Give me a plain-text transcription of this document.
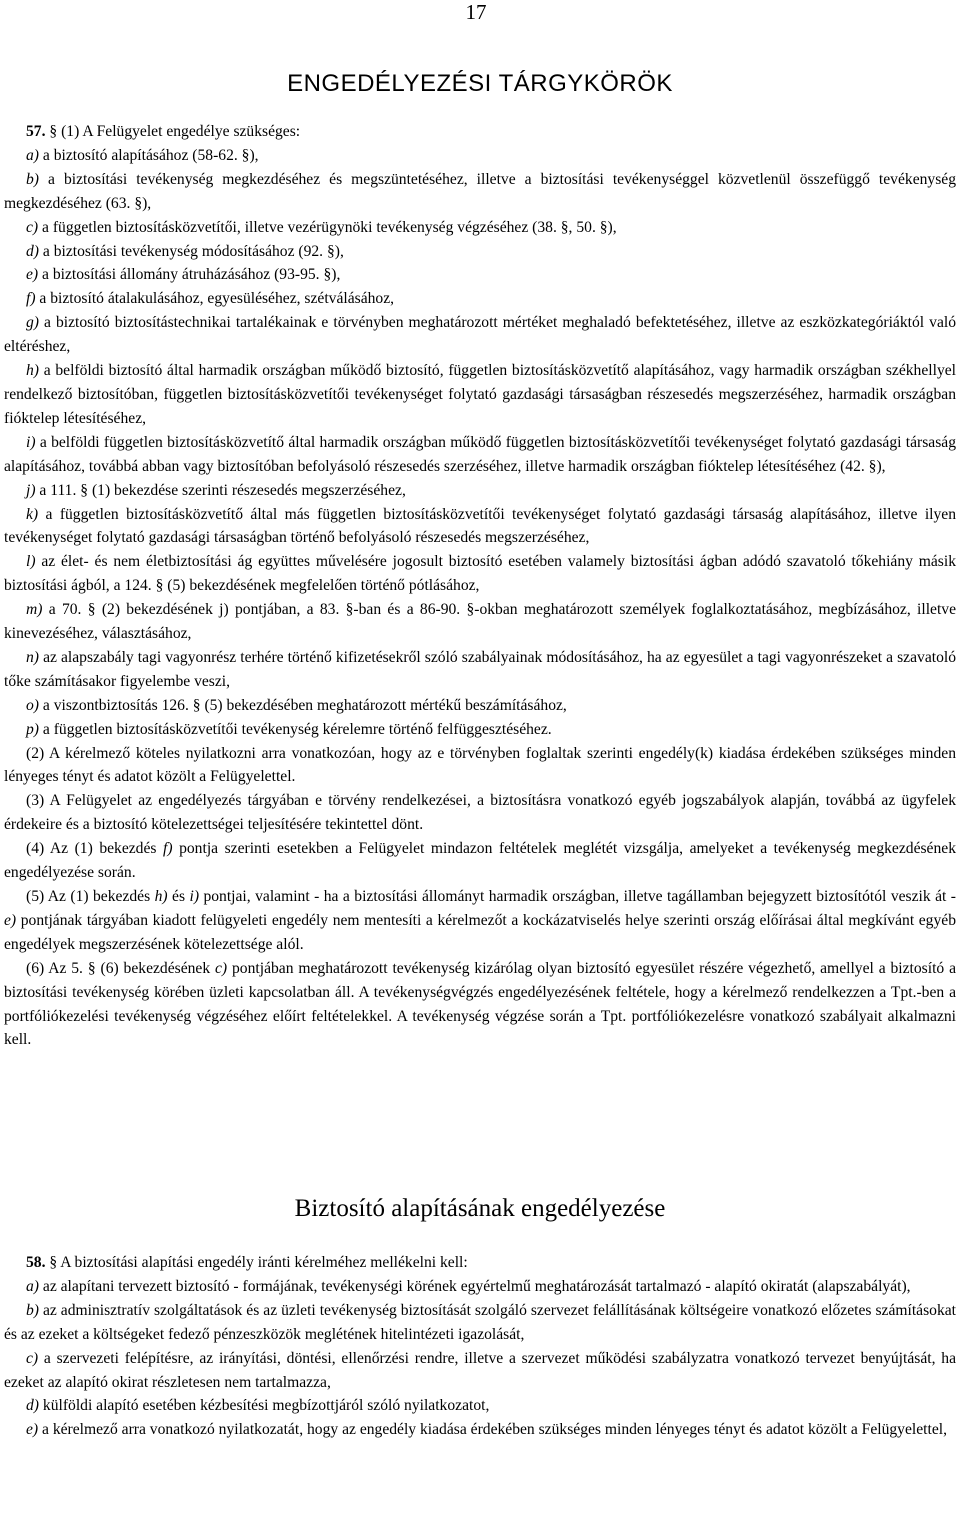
17
ENGEDÉLYEZÉSI TÁRGYKÖRÖK

57. § (1) A Felügyelet engedélye szükséges:

a) a biztosító alapításához (58-62. §),

b) a biztosítási tevékenység megkezdéséhez és megszüntetéséhez, illetve a biztosítási tevékenységgel közvetlenül összefüggő tevékenység megkezdéséhez (63. §),

c) a független biztosításközvetítői, illetve vezérügynöki tevékenység végzéséhez (38. §, 50. §),

d) a biztosítási tevékenység módosításához (92. §),

e) a biztosítási állomány átruházásához (93-95. §),

f) a biztosító átalakulásához, egyesüléséhez, szétválásához,

g) a biztosító biztosítástechnikai tartalékainak e törvényben meghatározott mértéket meghaladó befektetéséhez, illetve az eszközkategóriáktól való eltéréshez,

h) a belföldi biztosító által harmadik országban működő biztosító, független biztosításközvetítő alapításához, vagy harmadik országban székhellyel rendelkező biztosítóban, független biztosításközvetítői tevékenységet folytató gazdasági társaságban részesedés megszerzéséhez, harmadik országban fióktelep létesítéséhez,

i) a belföldi független biztosításközvetítő által harmadik országban működő független biztosításközvetítői tevékenységet folytató gazdasági társaság alapításához, továbbá abban vagy biztosítóban befolyásoló részesedés szerzéséhez, illetve harmadik országban fióktelep létesítéséhez (42. §),

j) a 111. § (1) bekezdése szerinti részesedés megszerzéséhez,

k) a független biztosításközvetítő által más független biztosításközvetítői tevékenységet folytató gazdasági társaság alapításához, illetve ilyen tevékenységet folytató gazdasági társaságban történő befolyásoló részesedés megszerzéséhez,

l) az élet- és nem életbiztosítási ág együttes művelésére jogosult biztosító esetében valamely biztosítási ágban adódó szavatoló tőkehiány másik biztosítási ágból, a 124. § (5) bekezdésének megfelelően történő pótlásához,

m) a 70. § (2) bekezdésének j) pontjában, a 83. §-ban és a 86-90. §-okban meghatározott személyek foglalkoztatásához, megbízásához, illetve kinevezéséhez, választásához,

n) az alapszabály tagi vagyonrész terhére történő kifizetésekről szóló szabályainak módosításához, ha az egyesület a tagi vagyonrészeket a szavatoló tőke számításakor figyelembe veszi,

o) a viszontbiztosítás 126. § (5) bekezdésében meghatározott mértékű beszámításához,

p) a független biztosításközvetítői tevékenység kérelemre történő felfüggesztéséhez.

(2) A kérelmező köteles nyilatkozni arra vonatkozóan, hogy az e törvényben foglaltak szerinti engedély(k) kiadása érdekében szükséges minden lényeges tényt és adatot közölt a Felügyelettel.

(3) A Felügyelet az engedélyezés tárgyában e törvény rendelkezései, a biztosításra vonatkozó egyéb jogszabályok alapján, továbbá az ügyfelek érdekeire és a biztosító kötelezettségei teljesítésére tekintettel dönt.

(4) Az (1) bekezdés f) pontja szerinti esetekben a Felügyelet mindazon feltételek meglétét vizsgálja, amelyeket a tevékenység megkezdésének engedélyezése során.

(5) Az (1) bekezdés h) és i) pontjai, valamint - ha a biztosítási állományt harmadik országban, illetve tagállamban bejegyzett biztosítótól veszik át - e) pontjának tárgyában kiadott felügyeleti engedély nem mentesíti a kérelmezőt a kockázatviselés helye szerinti ország előírásai által megkívánt egyéb engedélyek megszerzésének kötelezettsége alól.

(6) Az 5. § (6) bekezdésének c) pontjában meghatározott tevékenység kizárólag olyan biztosító egyesület részére végezhető, amellyel a biztosító a biztosítási tevékenység körében üzleti kapcsolatban áll. A tevékenységvégzés engedélyezésének feltétele, hogy a kérelmező rendelkezzen a Tpt.-ben a portfóliókezelési tevékenység végzéséhez előírt feltételekkel. A tevékenység végzése során a Tpt. portfóliókezelésre vonatkozó szabályait alkalmazni kell.

Biztosító alapításának engedélyezése

58. § A biztosítási alapítási engedély iránti kérelméhez mellékelni kell:

a) az alapítani tervezett biztosító - formájának, tevékenységi körének egyértelmű meghatározását tartalmazó - alapító okiratát (alapszabályát),

b) az adminisztratív szolgáltatások és az üzleti tevékenység biztosítását szolgáló szervezet felállításának költségeire vonatkozó előzetes számításokat és az ezeket a költségeket fedező pénzeszközök meglétének hitelintézeti igazolását,

c) a szervezeti felépítésre, az irányítási, döntési, ellenőrzési rendre, illetve a szervezet működési szabályzatra vonatkozó tervezet benyújtását, ha ezeket az alapító okirat részletesen nem tartalmazza,

d) külföldi alapító esetében kézbesítési megbízottjáról szóló nyilatkozatot,

e) a kérelmező arra vonatkozó nyilatkozatát, hogy az engedély kiadása érdekében szükséges minden lényeges tényt és adatot közölt a Felügyelettel,
